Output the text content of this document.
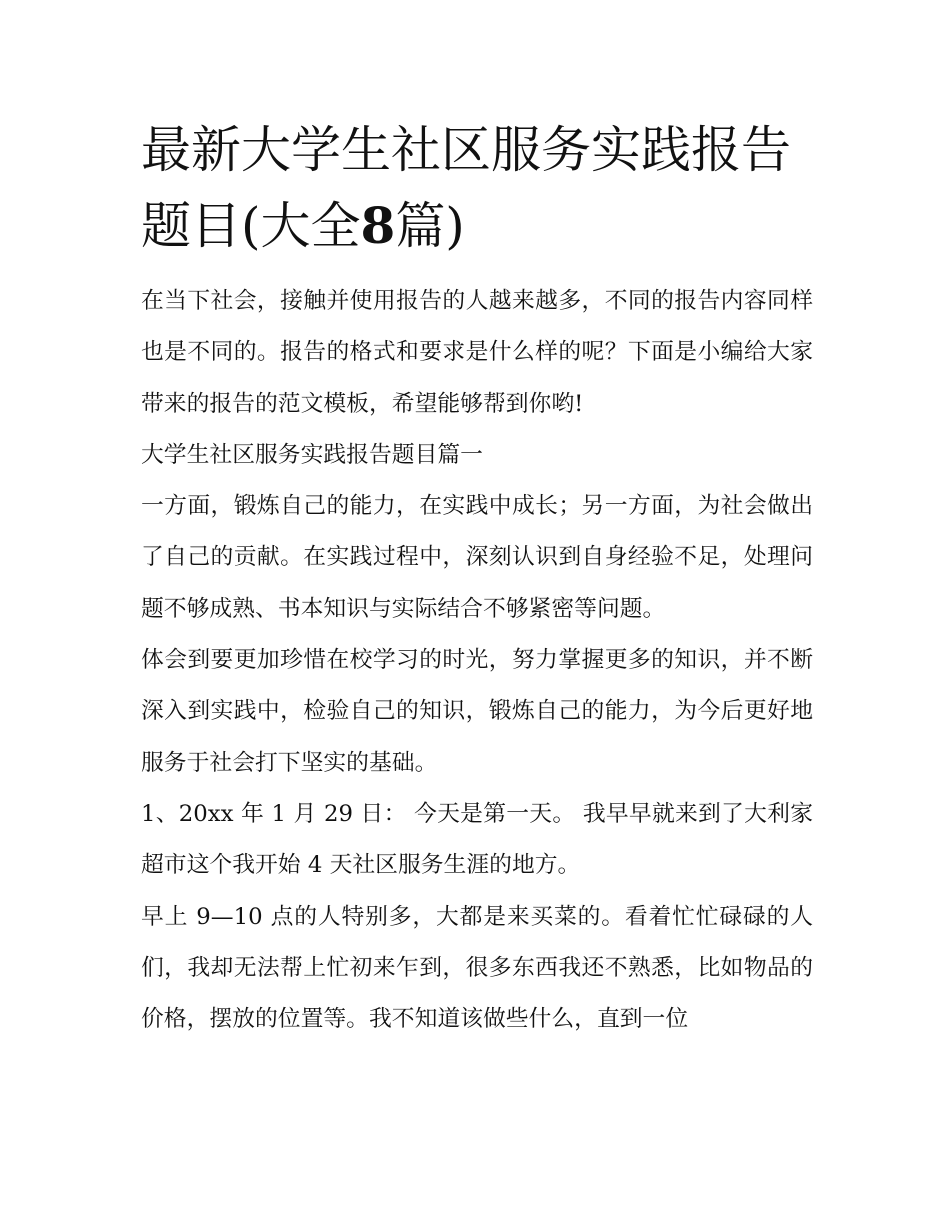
最新大学生社区服务实践报告
题目(大全8篇)

在当下社会，接触并使用报告的人越来越多，不同的报告内容同样也是不同的。报告的格式和要求是什么样的呢？下面是小编给大家带来的报告的范文模板，希望能够帮到你哟!

大学生社区服务实践报告题目篇一

一方面，锻炼自己的能力，在实践中成长；另一方面，为社会做出了自己的贡献。在实践过程中，深刻认识到自身经验不足，处理问题不够成熟、书本知识与实际结合不够紧密等问题。

体会到要更加珍惜在校学习的时光，努力掌握更多的知识，并不断深入到实践中，检验自己的知识，锻炼自己的能力，为今后更好地服务于社会打下坚实的基础。

1、20xx 年 1 月 29 日： 今天是第一天。 我早早就来到了大利家超市这个我开始 4 天社区服务生涯的地方。

早上 9—10 点的人特别多，大都是来买菜的。看着忙忙碌碌的人们，我却无法帮上忙初来乍到，很多东西我还不熟悉，比如物品的价格，摆放的位置等。我不知道该做些什么，直到一位
